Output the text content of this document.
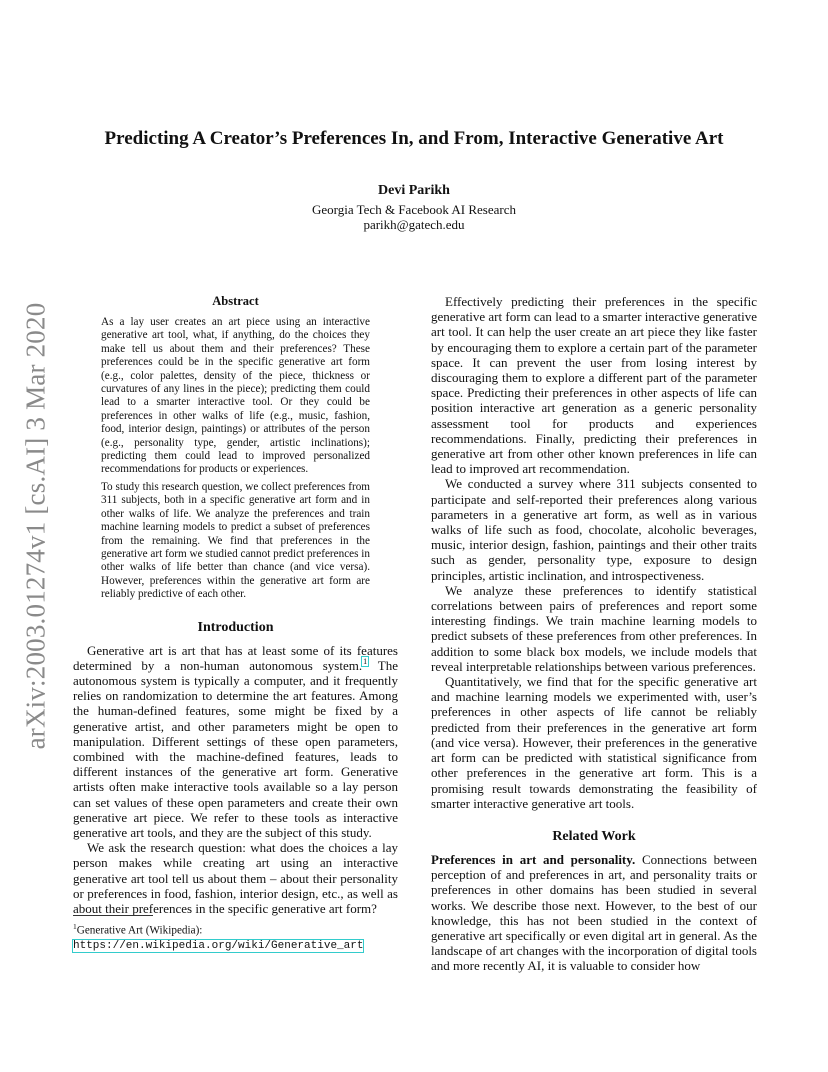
arXiv:2003.01274v1 [cs.AI] 3 Mar 2020
Predicting A Creator’s Preferences In, and From, Interactive Generative Art
Devi Parikh
Georgia Tech & Facebook AI Research
parikh@gatech.edu
Abstract

As a lay user creates an art piece using an interactive generative art tool, what, if anything, do the choices they make tell us about them and their preferences? These preferences could be in the specific generative art form (e.g., color palettes, density of the piece, thickness or curvatures of any lines in the piece); predicting them could lead to a smarter interactive tool. Or they could be preferences in other walks of life (e.g., music, fashion, food, interior design, paintings) or attributes of the person (e.g., personality type, gender, artistic inclinations); predicting them could lead to improved personalized recommendations for products or experiences.

To study this research question, we collect preferences from 311 subjects, both in a specific generative art form and in other walks of life. We analyze the preferences and train machine learning models to predict a subset of preferences from the remaining. We find that preferences in the generative art form we studied cannot predict preferences in other walks of life better than chance (and vice versa). However, preferences within the generative art form are reliably predictive of each other.

Introduction

Generative art is art that has at least some of its features determined by a non-human autonomous system.$^1$ The autonomous system is typically a computer, and it frequently relies on randomization to determine the art features. Among the human-defined features, some might be fixed by a generative artist, and other parameters might be open to manipulation. Different settings of these open parameters, combined with the machine-defined features, leads to different instances of the generative art form. Generative artists often make interactive tools available so a lay person can set values of these open parameters and create their own generative art piece. We refer to these tools as interactive generative art tools, and they are the subject of this study.

We ask the research question: what does the choices a lay person makes while creating art using an interactive generative art tool tell us about them – about their personality or preferences in food, fashion, interior design, etc., as well as about their preferences in the specific generative art form?

$^1$Generative Art (Wikipedia): https://en.wikipedia.org/wiki/Generative_art

Effectively predicting their preferences in the specific generative art form can lead to a smarter interactive generative art tool. It can help the user create an art piece they like faster by encouraging them to explore a certain part of the parameter space. It can prevent the user from losing interest by discouraging them to explore a different part of the parameter space. Predicting their preferences in other aspects of life can position interactive art generation as a generic personality assessment tool for products and experiences recommendations. Finally, predicting their preferences in generative art from other other known preferences in life can lead to improved art recommendation.

We conducted a survey where 311 subjects consented to participate and self-reported their preferences along various parameters in a generative art form, as well as in various walks of life such as food, chocolate, alcoholic beverages, music, interior design, fashion, paintings and their other traits such as gender, personality type, exposure to design principles, artistic inclination, and introspectiveness.

We analyze these preferences to identify statistical correlations between pairs of preferences and report some interesting findings. We train machine learning models to predict subsets of these preferences from other preferences. In addition to some black box models, we include models that reveal interpretable relationships between various preferences.

Quantitatively, we find that for the specific generative art and machine learning models we experimented with, user’s preferences in other aspects of life cannot be reliably predicted from their preferences in the generative art form (and vice versa). However, their preferences in the generative art form can be predicted with statistical significance from other preferences in the generative art form. This is a promising result towards demonstrating the feasibility of smarter interactive generative art tools.

Related Work

Preferences in art and personality. Connections between perception of and preferences in art, and personality traits or preferences in other domains has been studied in several works. We describe those next. However, to the best of our knowledge, this has not been studied in the context of generative art specifically or even digital art in general. As the landscape of art changes with the incorporation of digital tools and more recently AI, it is valuable to consider how
